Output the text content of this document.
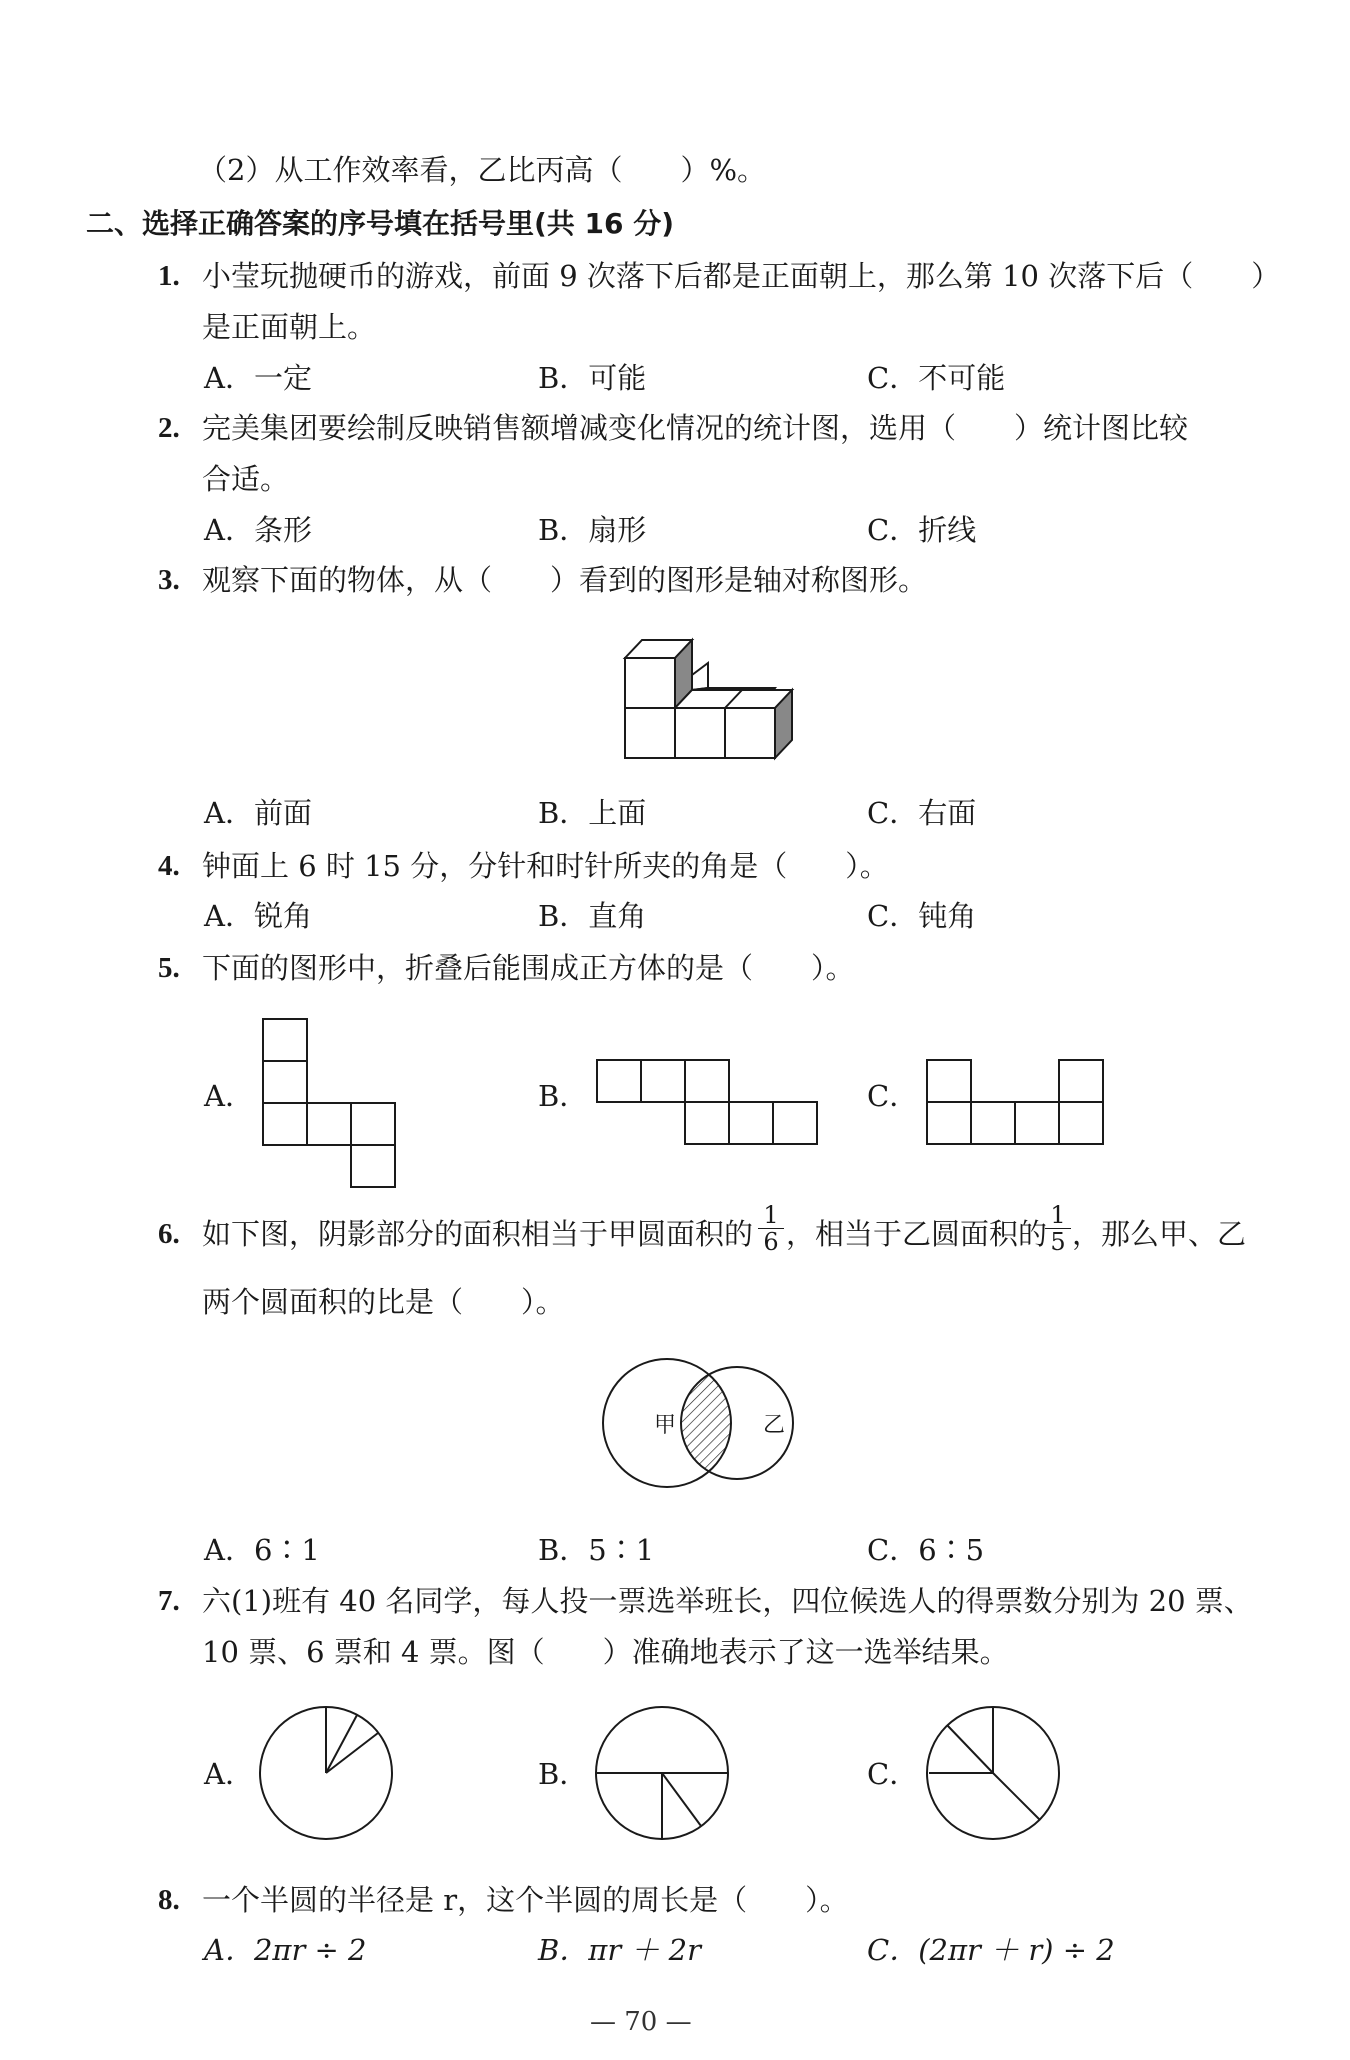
（2）从工作效率看，乙比丙高（　　）%。
二、选择正确答案的序号填在括号里(共 16 分)
1. 小莹玩抛硬币的游戏，前面 9 次落下后都是正面朝上，那么第 10 次落下后（　　）
是正面朝上。
A．一定	B．可能	C．不可能
2. 完美集团要绘制反映销售额增减变化情况的统计图，选用（　　）统计图比较
合适。
A．条形	B．扇形	C．折线
3. 观察下面的物体，从（　　）看到的图形是轴对称图形。
A．前面	B．上面	C．右面
4. 钟面上 6 时 15 分，分针和时针所夹的角是（　　）。
A．锐角	B．直角	C．钝角
5. 下面的图形中，折叠后能围成正方体的是（　　）。
A．	B．	C．
6. 如下图，阴影部分的面积相当于甲圆面积的 $\frac{1}{6}$ ，相当于乙圆面积的
$\frac{1}{5}$ ，那么甲、乙
两个圆面积的比是（　　）。
甲	乙
A．6∶1	B．5∶1	C．6∶5
7. 六(1)班有 40 名同学，每人投一票选举班长，四位候选人的得票数分别为 20 票、
10 票、6 票和 4 票。图（　　）准确地表示了这一选举结果。
A．	B．	C．
8. 一个半圆的半径是 r，这个半圆的周长是（　　）。
A．2πr ÷ 2	B．πr ＋ 2r	C．(2πr ＋ r) ÷ 2
— 70 —
